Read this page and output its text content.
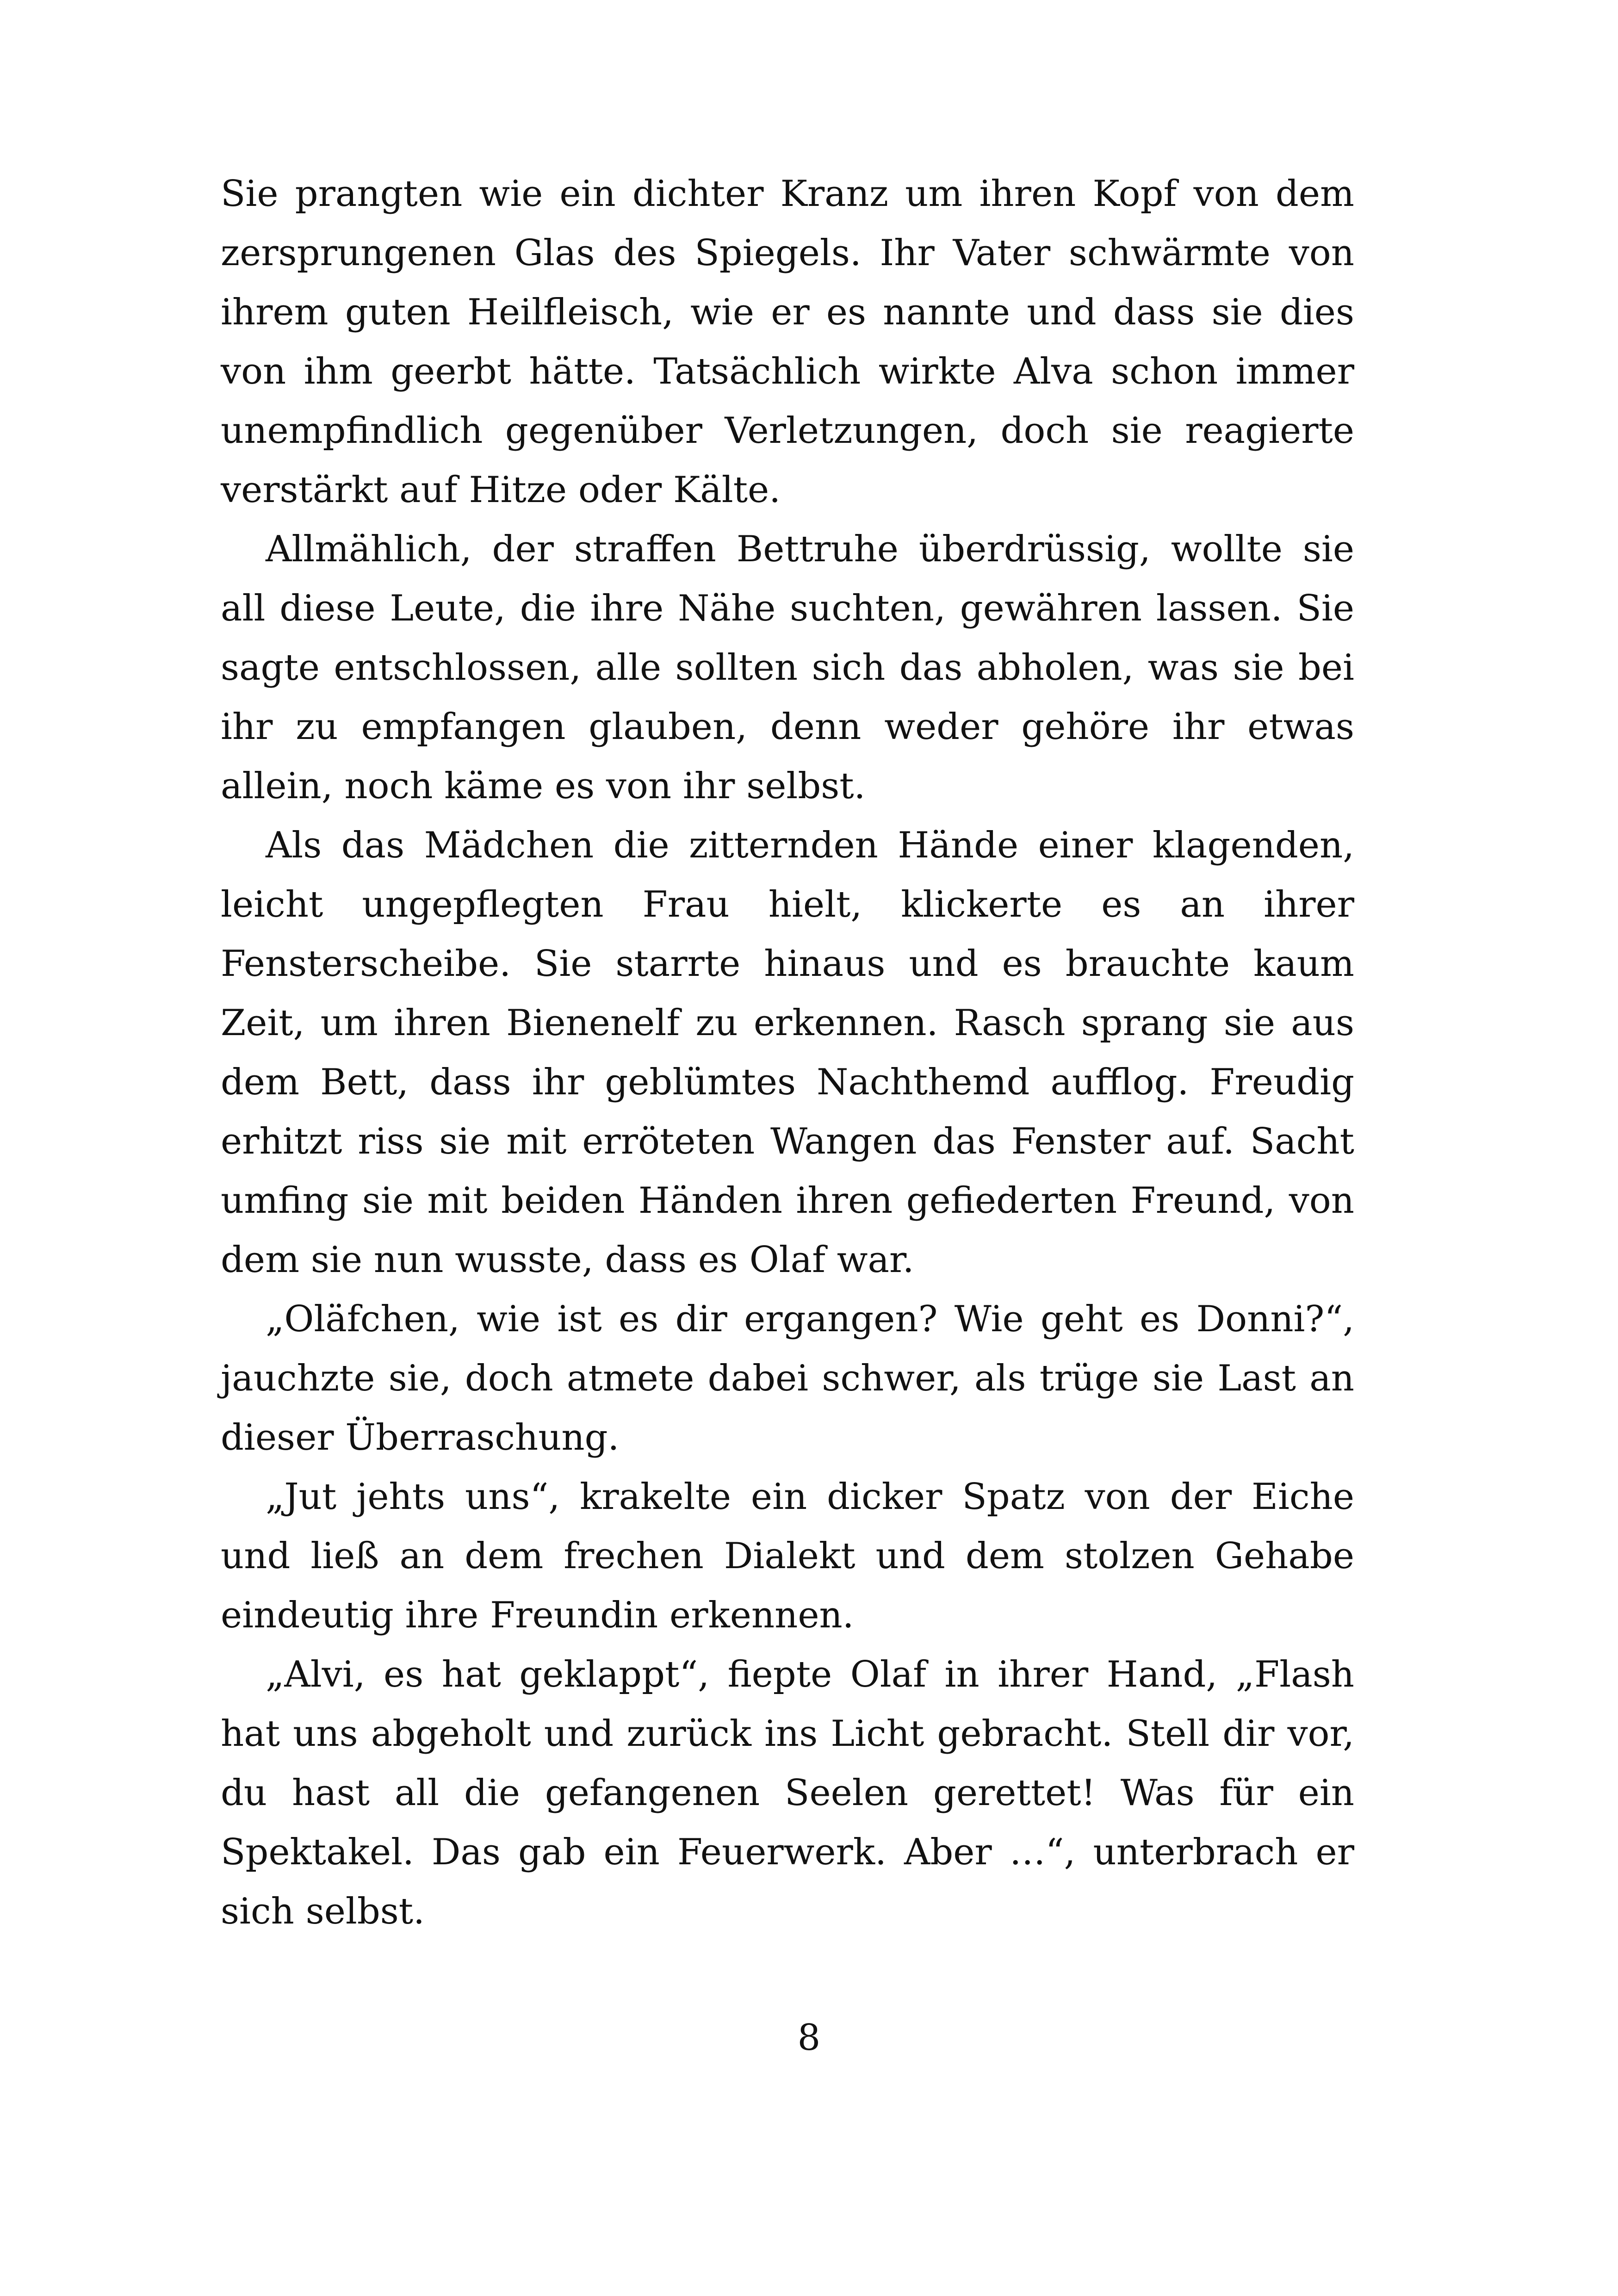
Sie prangten wie ein dichter Kranz um ihren Kopf von dem zersprungenen Glas des Spiegels. Ihr Vater schwärmte von ihrem guten Heilfleisch, wie er es nannte und dass sie dies von ihm geerbt hätte. Tatsächlich wirkte Alva schon immer unempfindlich gegenüber Verletzungen, doch sie reagierte verstärkt auf Hitze oder Kälte.

Allmählich, der straffen Bettruhe überdrüssig, wollte sie all diese Leute, die ihre Nähe suchten, gewähren lassen. Sie sagte entschlossen, alle sollten sich das abholen, was sie bei ihr zu empfangen glauben, denn weder gehöre ihr etwas allein, noch käme es von ihr selbst.

Als das Mädchen die zitternden Hände einer klagenden, leicht ungepflegten Frau hielt, klickerte es an ihrer Fensterscheibe. Sie starrte hinaus und es brauchte kaum Zeit, um ihren Bienenelf zu erkennen. Rasch sprang sie aus dem Bett, dass ihr geblümtes Nachthemd aufflog. Freudig erhitzt riss sie mit erröteten Wangen das Fenster auf. Sacht umfing sie mit beiden Händen ihren gefiederten Freund, von dem sie nun wusste, dass es Olaf war.

„Oläfchen, wie ist es dir ergangen? Wie geht es Donni?“, jauchzte sie, doch atmete dabei schwer, als trüge sie Last an dieser Überraschung.

„Jut jehts uns“, krakelte ein dicker Spatz von der Eiche und ließ an dem frechen Dialekt und dem stolzen Gehabe eindeutig ihre Freundin erkennen.

„Alvi, es hat geklappt“, fiepte Olaf in ihrer Hand, „Flash hat uns abgeholt und zurück ins Licht gebracht. Stell dir vor, du hast all die gefangenen Seelen gerettet! Was für ein Spektakel. Das gab ein Feuerwerk. Aber …“, unterbrach er sich selbst.

8
